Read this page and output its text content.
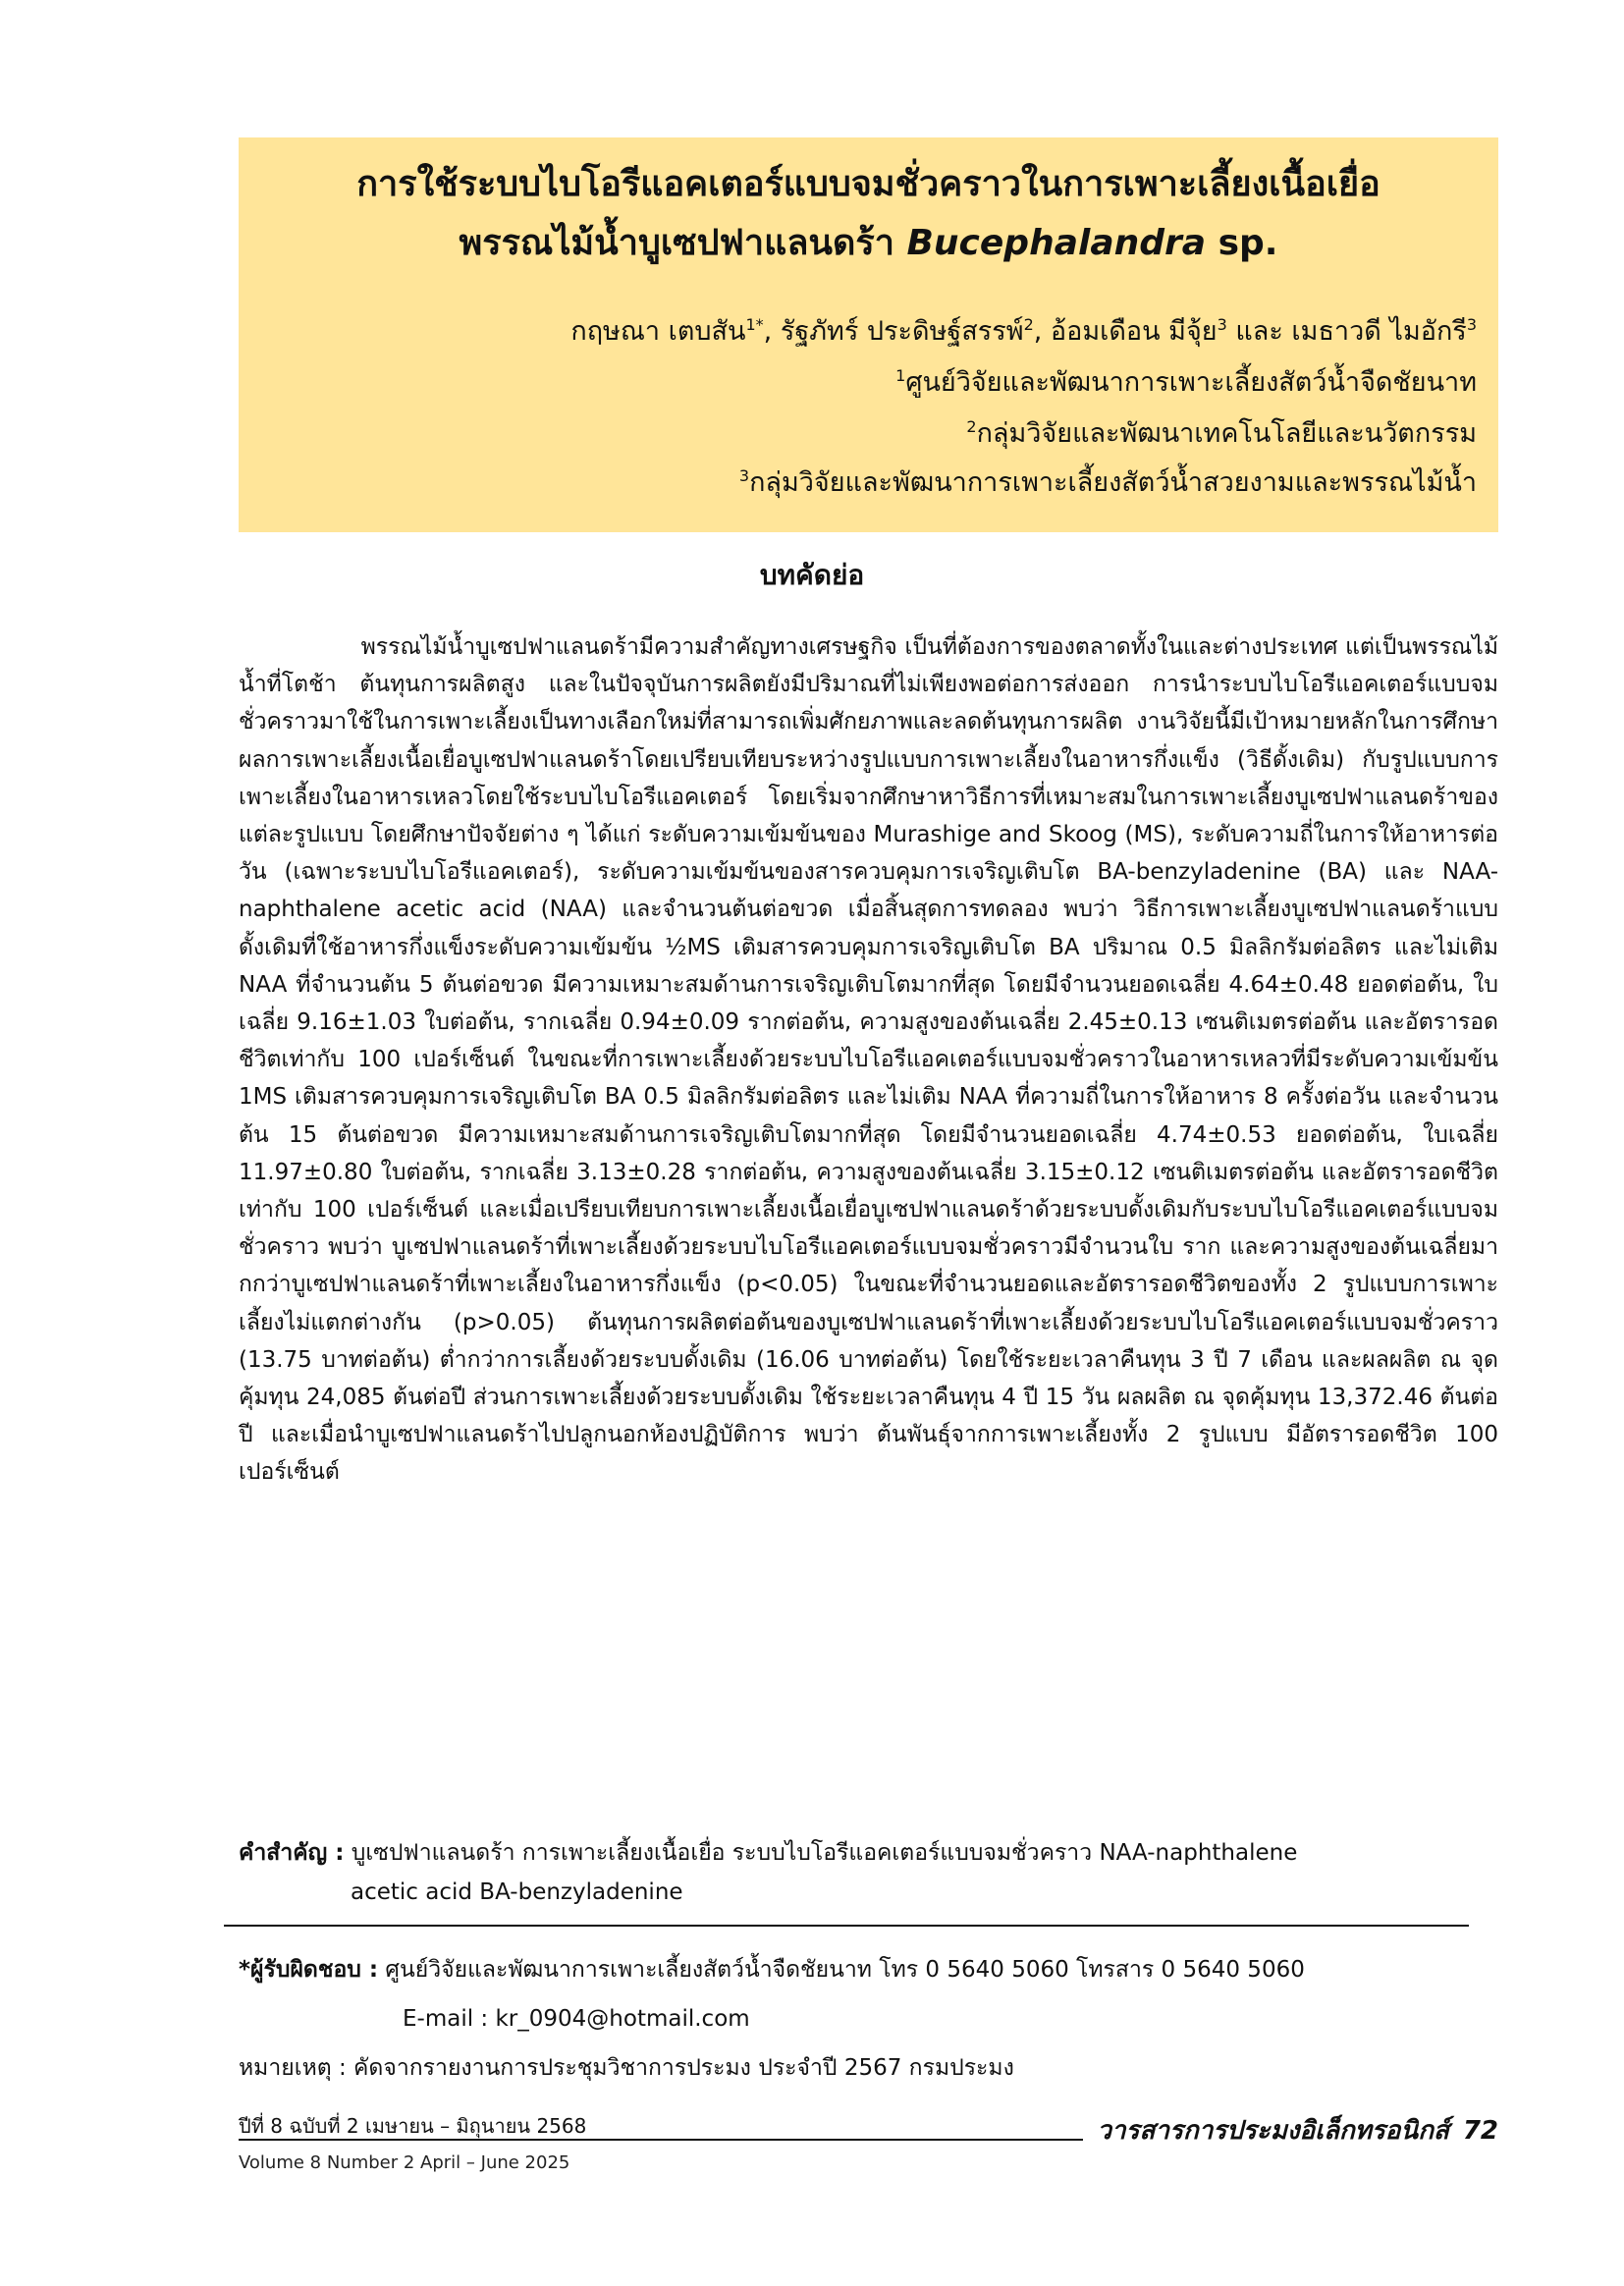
การใช้ระบบไบโอรีแอคเตอร์แบบจมชั่วคราวในการเพาะเลี้ยงเนื้อเยื่อ
พรรณไม้น้ำบูเซปฟาแลนดร้า Bucephalandra sp.
กฤษณา เตบสัน$^{1*}$, รัฐภัทร์ ประดิษฐ์สรรพ์$^2$, อ้อมเดือน มีจุ้ย$^3$ และ เมธาวดี ไมอักรี$^3$
$^1$ศูนย์วิจัยและพัฒนาการเพาะเลี้ยงสัตว์น้ำจืดชัยนาท
$^2$กลุ่มวิจัยและพัฒนาเทคโนโลยีและนวัตกรรม
$^3$กลุ่มวิจัยและพัฒนาการเพาะเลี้ยงสัตว์น้ำสวยงามและพรรณไม้น้ำ
บทคัดย่อ

พรรณไม้น้ำบูเซปฟาแลนดร้ามีความสำคัญทางเศรษฐกิจ เป็นที่ต้องการของตลาดทั้งในและต่างประเทศ แต่เป็นพรรณไม้น้ำที่โตช้า ต้นทุนการผลิตสูง และในปัจจุบันการผลิตยังมีปริมาณที่ไม่เพียงพอต่อการส่งออก การนำระบบไบโอรีแอคเตอร์แบบจมชั่วคราวมาใช้ในการเพาะเลี้ยงเป็นทางเลือกใหม่ที่สามารถเพิ่มศักยภาพและลดต้นทุนการผลิต งานวิจัยนี้มีเป้าหมายหลักในการศึกษาผลการเพาะเลี้ยงเนื้อเยื่อบูเซปฟาแลนดร้าโดยเปรียบเทียบระหว่างรูปแบบการเพาะเลี้ยงในอาหารกึ่งแข็ง (วิธีดั้งเดิม) กับรูปแบบการเพาะเลี้ยงในอาหารเหลวโดยใช้ระบบไบโอรีแอคเตอร์ โดยเริ่มจากศึกษาหาวิธีการที่เหมาะสมในการเพาะเลี้ยงบูเซปฟาแลนดร้าของแต่ละรูปแบบ โดยศึกษาปัจจัยต่าง ๆ ได้แก่ ระดับความเข้มข้นของ Murashige and Skoog (MS), ระดับความถี่ในการให้อาหารต่อวัน (เฉพาะระบบไบโอรีแอคเตอร์), ระดับความเข้มข้นของสารควบคุมการเจริญเติบโต BA-benzyladenine (BA) และ NAA-naphthalene acetic acid (NAA) และจำนวนต้นต่อขวด เมื่อสิ้นสุดการทดลอง พบว่า วิธีการเพาะเลี้ยงบูเซปฟาแลนดร้าแบบดั้งเดิมที่ใช้อาหารกึ่งแข็งระดับความเข้มข้น ½MS เติมสารควบคุมการเจริญเติบโต BA ปริมาณ 0.5 มิลลิกรัมต่อลิตร และไม่เติม NAA ที่จำนวนต้น 5 ต้นต่อขวด มีความเหมาะสมด้านการเจริญเติบโตมากที่สุด โดยมีจำนวนยอดเฉลี่ย 4.64±0.48 ยอดต่อต้น, ใบเฉลี่ย 9.16±1.03 ใบต่อต้น, รากเฉลี่ย 0.94±0.09 รากต่อต้น, ความสูงของต้นเฉลี่ย 2.45±0.13 เซนติเมตรต่อต้น และอัตรารอดชีวิตเท่ากับ 100 เปอร์เซ็นต์ ในขณะที่การเพาะเลี้ยงด้วยระบบไบโอรีแอคเตอร์แบบจมชั่วคราวในอาหารเหลวที่มีระดับความเข้มข้น 1MS เติมสารควบคุมการเจริญเติบโต BA 0.5 มิลลิกรัมต่อลิตร และไม่เติม NAA ที่ความถี่ในการให้อาหาร 8 ครั้งต่อวัน และจำนวนต้น 15 ต้นต่อขวด มีความเหมาะสมด้านการเจริญเติบโตมากที่สุด โดยมีจำนวนยอดเฉลี่ย 4.74±0.53 ยอดต่อต้น, ใบเฉลี่ย 11.97±0.80 ใบต่อต้น, รากเฉลี่ย 3.13±0.28 รากต่อต้น, ความสูงของต้นเฉลี่ย 3.15±0.12 เซนติเมตรต่อต้น และอัตรารอดชีวิตเท่ากับ 100 เปอร์เซ็นต์ และเมื่อเปรียบเทียบการเพาะเลี้ยงเนื้อเยื่อบูเซปฟาแลนดร้าด้วยระบบดั้งเดิมกับระบบไบโอรีแอคเตอร์แบบจมชั่วคราว พบว่า บูเซปฟาแลนดร้าที่เพาะเลี้ยงด้วยระบบไบโอรีแอคเตอร์แบบจมชั่วคราวมีจำนวนใบ ราก และความสูงของต้นเฉลี่ยมากกว่าบูเซปฟาแลนดร้าที่เพาะเลี้ยงในอาหารกึ่งแข็ง (p<0.05) ในขณะที่จำนวนยอดและอัตรารอดชีวิตของทั้ง 2 รูปแบบการเพาะเลี้ยงไม่แตกต่างกัน (p>0.05) ต้นทุนการผลิตต่อต้นของบูเซปฟาแลนดร้าที่เพาะเลี้ยงด้วยระบบไบโอรีแอคเตอร์แบบจมชั่วคราว (13.75 บาทต่อต้น) ต่ำกว่าการเลี้ยงด้วยระบบดั้งเดิม (16.06 บาทต่อต้น) โดยใช้ระยะเวลาคืนทุน 3 ปี 7 เดือน และผลผลิต ณ จุดคุ้มทุน 24,085 ต้นต่อปี ส่วนการเพาะเลี้ยงด้วยระบบดั้งเดิม ใช้ระยะเวลาคืนทุน 4 ปี 15 วัน ผลผลิต ณ จุดคุ้มทุน 13,372.46 ต้นต่อปี และเมื่อนำบูเซปฟาแลนดร้าไปปลูกนอกห้องปฏิบัติการ พบว่า ต้นพันธุ์จากการเพาะเลี้ยงทั้ง 2 รูปแบบ มีอัตรารอดชีวิต 100 เปอร์เซ็นต์

คำสำคัญ : บูเซปฟาแลนดร้า การเพาะเลี้ยงเนื้อเยื่อ ระบบไบโอรีแอคเตอร์แบบจมชั่วคราว NAA-naphthalene
acetic acid BA-benzyladenine
*ผู้รับผิดชอบ : ศูนย์วิจัยและพัฒนาการเพาะเลี้ยงสัตว์น้ำจืดชัยนาท โทร 0 5640 5060 โทรสาร 0 5640 5060
E-mail : kr_0904@hotmail.com
หมายเหตุ : คัดจากรายงานการประชุมวิชาการประมง ประจำปี 2567 กรมประมง
ปีที่ 8 ฉบับที่ 2 เมษายน – มิถุนายน 2568
Volume 8 Number 2 April – June 2025
วารสารการประมงอิเล็กทรอนิกส์ 72
